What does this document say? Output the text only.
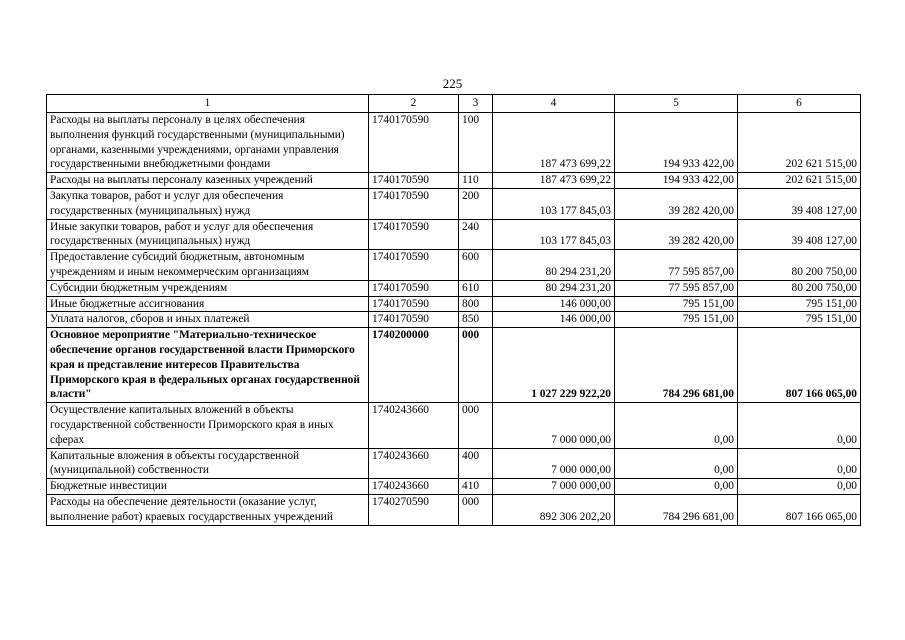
225
1	2	3	4	5	6
Расходы на выплаты персоналу в целях обеспечения выполнения функций государственными (муниципальными) органами, казенными учреждениями, органами управления государственными внебюджетными фондами	1740170590	100	187 473 699,22	194 933 422,00	202 621 515,00
Расходы на выплаты персоналу казенных учреждений	1740170590	110	187 473 699,22	194 933 422,00	202 621 515,00
Закупка товаров, работ и услуг для обеспечения государственных (муниципальных) нужд	1740170590	200	103 177 845,03	39 282 420,00	39 408 127,00
Иные закупки товаров, работ и услуг для обеспечения государственных (муниципальных) нужд	1740170590	240	103 177 845,03	39 282 420,00	39 408 127,00
Предоставление субсидий бюджетным, автономным учреждениям и иным некоммерческим организациям	1740170590	600	80 294 231,20	77 595 857,00	80 200 750,00
Субсидии бюджетным учреждениям	1740170590	610	80 294 231,20	77 595 857,00	80 200 750,00
Иные бюджетные ассигнования	1740170590	800	146 000,00	795 151,00	795 151,00
Уплата налогов, сборов и иных платежей	1740170590	850	146 000,00	795 151,00	795 151,00
Основное мероприятие "Материально-техническое обеспечение органов государственной власти Приморского края и представление интересов Правительства Приморского края в федеральных органах государственной власти"	1740200000	000	1 027 229 922,20	784 296 681,00	807 166 065,00
Осуществление капитальных вложений в объекты государственной собственности Приморского края в иных сферах	1740243660	000	7 000 000,00	0,00	0,00
Капитальные вложения в объекты государственной (муниципальной) собственности	1740243660	400	7 000 000,00	0,00	0,00
Бюджетные инвестиции	1740243660	410	7 000 000,00	0,00	0,00
Расходы на обеспечение деятельности (оказание услуг, выполнение работ) краевых государственных учреждений	1740270590	000	892 306 202,20	784 296 681,00	807 166 065,00
